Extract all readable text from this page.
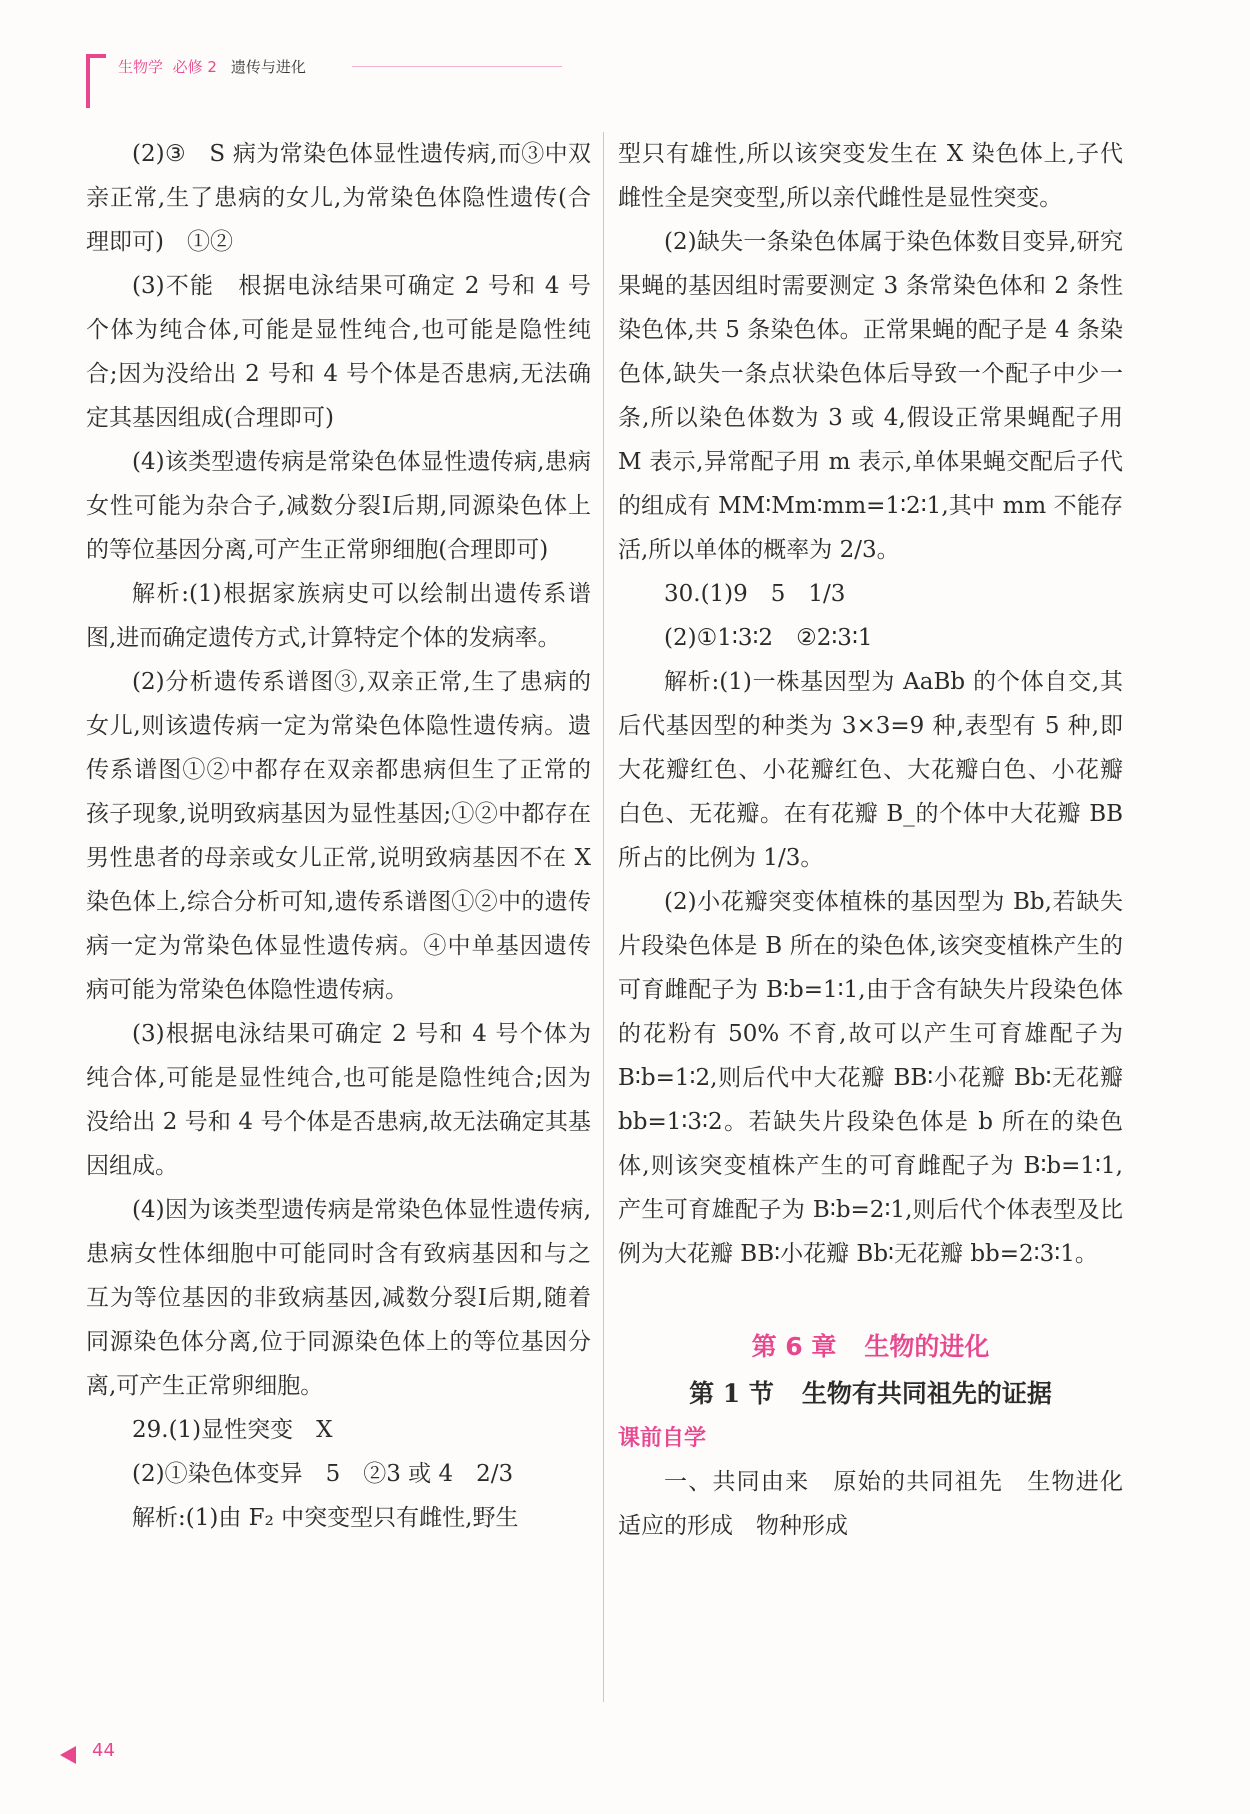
生物学 必修 2 遗传与进化

(2)③　S 病为常染色体显性遗传病,而③中双亲正常,生了患病的女儿,为常染色体隐性遗传(合理即可)　①②

(3)不能　根据电泳结果可确定 2 号和 4 号个体为纯合体,可能是显性纯合,也可能是隐性纯合;因为没给出 2 号和 4 号个体是否患病,无法确定其基因组成(合理即可)

(4)该类型遗传病是常染色体显性遗传病,患病女性可能为杂合子,减数分裂Ⅰ后期,同源染色体上的等位基因分离,可产生正常卵细胞(合理即可)

解析:(1)根据家族病史可以绘制出遗传系谱图,进而确定遗传方式,计算特定个体的发病率。

(2)分析遗传系谱图③,双亲正常,生了患病的女儿,则该遗传病一定为常染色体隐性遗传病。遗传系谱图①②中都存在双亲都患病但生了正常的孩子现象,说明致病基因为显性基因;①②中都存在男性患者的母亲或女儿正常,说明致病基因不在 X 染色体上,综合分析可知,遗传系谱图①②中的遗传病一定为常染色体显性遗传病。④中单基因遗传病可能为常染色体隐性遗传病。

(3)根据电泳结果可确定 2 号和 4 号个体为纯合体,可能是显性纯合,也可能是隐性纯合;因为没给出 2 号和 4 号个体是否患病,故无法确定其基因组成。

(4)因为该类型遗传病是常染色体显性遗传病,患病女性体细胞中可能同时含有致病基因和与之互为等位基因的非致病基因,减数分裂Ⅰ后期,随着同源染色体分离,位于同源染色体上的等位基因分离,可产生正常卵细胞。

29.(1)显性突变　X

(2)①染色体变异　5　②3 或 4　2/3

解析:(1)由 F₂ 中突变型只有雌性,野生

型只有雄性,所以该突变发生在 X 染色体上,子代雌性全是突变型,所以亲代雌性是显性突变。

(2)缺失一条染色体属于染色体数目变异,研究果蝇的基因组时需要测定 3 条常染色体和 2 条性染色体,共 5 条染色体。正常果蝇的配子是 4 条染色体,缺失一条点状染色体后导致一个配子中少一条,所以染色体数为 3 或 4,假设正常果蝇配子用 M 表示,异常配子用 m 表示,单体果蝇交配后子代的组成有 MM∶Mm∶mm=1∶2∶1,其中 mm 不能存活,所以单体的概率为 2/3。

30.(1)9　5　1/3

(2)①1∶3∶2　②2∶3∶1

解析:(1)一株基因型为 AaBb 的个体自交,其后代基因型的种类为 3×3=9 种,表型有 5 种,即大花瓣红色、小花瓣红色、大花瓣白色、小花瓣白色、无花瓣。在有花瓣 B_的个体中大花瓣 BB 所占的比例为 1/3。

(2)小花瓣突变体植株的基因型为 Bb,若缺失片段染色体是 B 所在的染色体,该突变植株产生的可育雌配子为 B∶b=1∶1,由于含有缺失片段染色体的花粉有 50% 不育,故可以产生可育雄配子为 B∶b=1∶2,则后代中大花瓣 BB∶小花瓣 Bb∶无花瓣 bb=1∶3∶2。若缺失片段染色体是 b 所在的染色体,则该突变植株产生的可育雌配子为 B∶b=1∶1,产生可育雄配子为 B∶b=2∶1,则后代个体表型及比例为大花瓣 BB∶小花瓣 Bb∶无花瓣 bb=2∶3∶1。

第 6 章 生物的进化

第 1 节 生物有共同祖先的证据

课前自学

一、共同由来　原始的共同祖先　生物进化　适应的形成　物种形成

44
